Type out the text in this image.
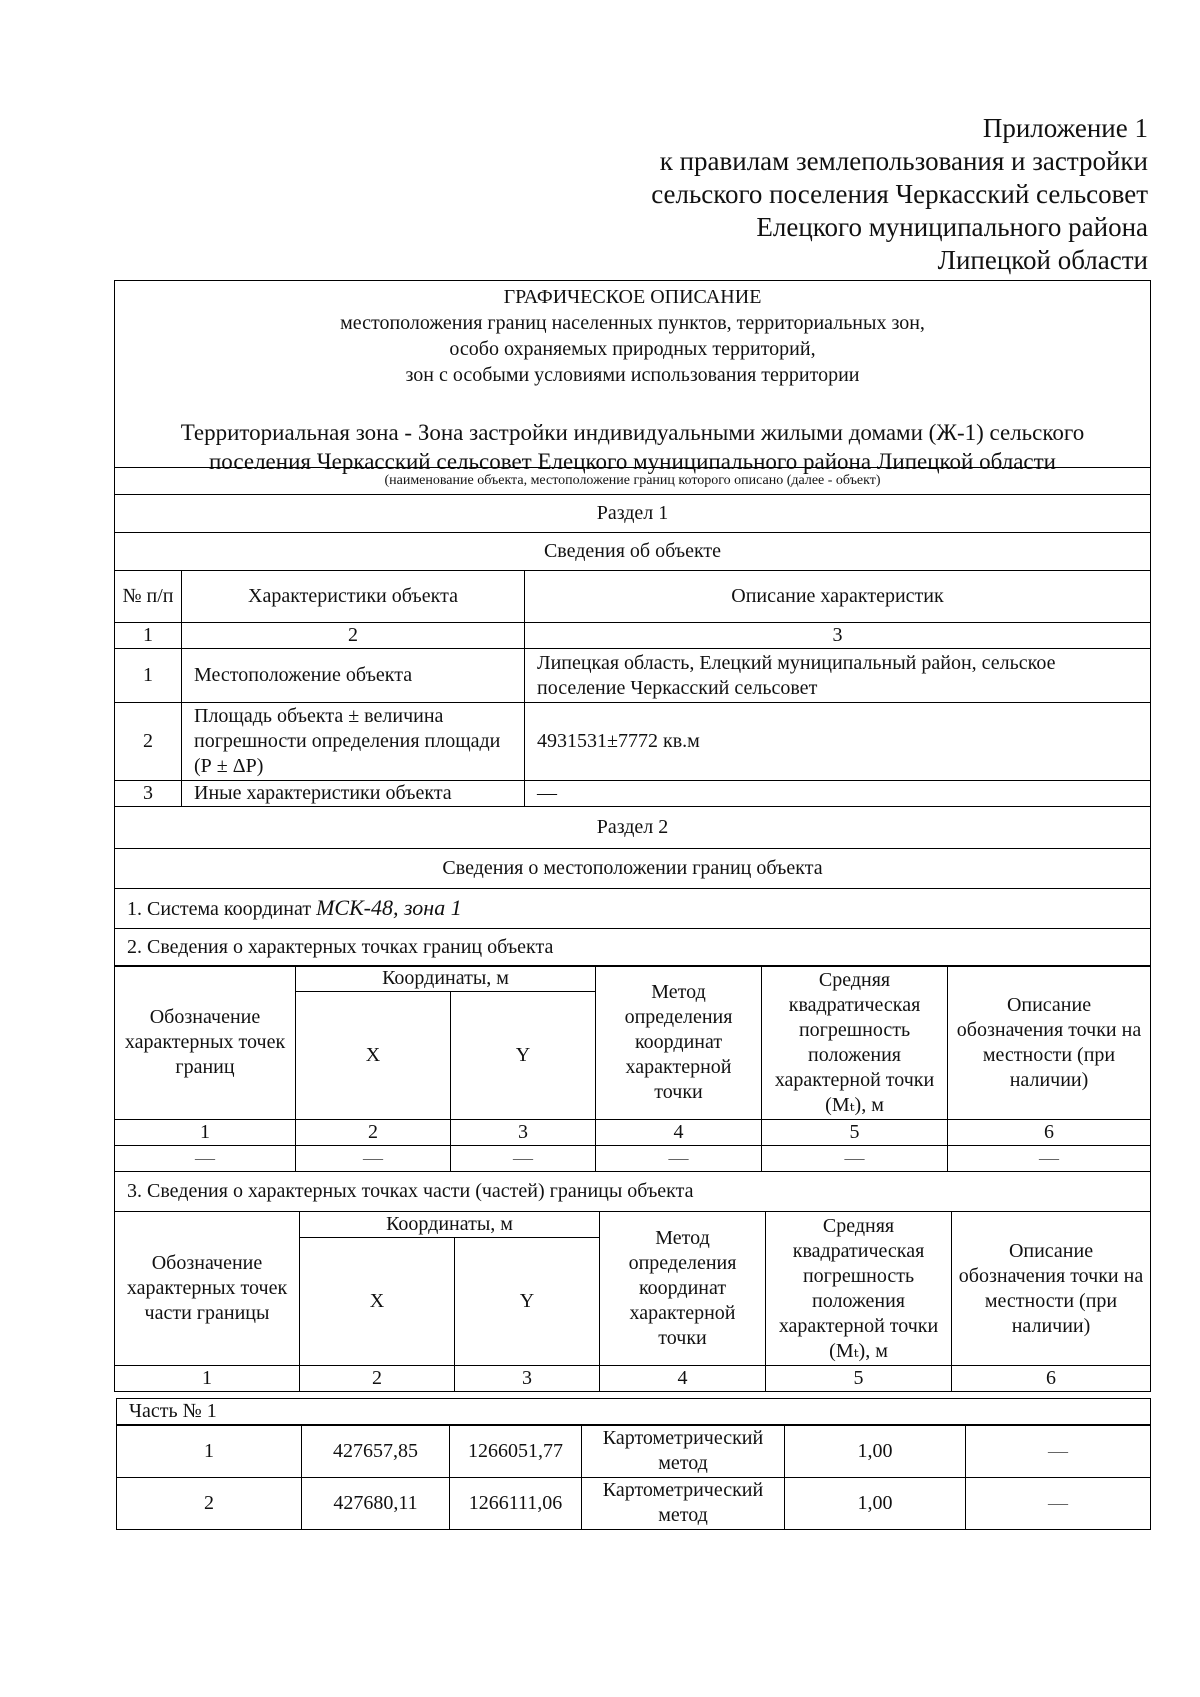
Приложение 1
к правилам землепользования и застройки
сельского поселения Черкасский сельсовет
Елецкого муниципального района
Липецкой области
ГРАФИЧЕСКОЕ ОПИСАНИЕ
местоположения границ населенных пунктов, территориальных зон,
особо охраняемых природных территорий,
зон с особыми условиями использования территории
Территориальная зона - Зона застройки индивидуальными жилыми домами (Ж-1) сельского
поселения Черкасский сельсовет Елецкого муниципального района Липецкой области
(наименование объекта, местоположение границ которого описано (далее - объект)		
Раздел 1		
Сведения об объекте		
№ п/п	Характеристики объекта	Описание характеристик
1	2	3
1	Местоположение объекта	Липецкая область, Елецкий муниципальный район, сельское поселение Черкасский сельсовет
2	Площадь объекта ± величина погрешности определения площади (Р ± ΔР)	4931531±7772 кв.м
3	Иные характеристики объекта	—
Раздел 2		
Сведения о местоположении границ объекта		
1. Система координат МСК-48, зона 1		
2. Сведения о характерных точках границ объекта		
Обозначение характерных точек границ	Координаты, м		Метод определения координат характерной точки	Средняя квадратическая погрешность положения характерной точки (Mₜ), м	Описание обозначения точки на местности (при наличии)
	X	Y			
1	2	3	4	5	6
—	—	—	—	—	—
3. Сведения о характерных точках части (частей) границы объекта					
Обозначение характерных точек части границы	Координаты, м		Метод определения координат характерной точки	Средняя квадратическая погрешность положения характерной точки (Mₜ), м	Описание обозначения точки на местности (при наличии)
	X	Y			
1	2	3	4	5	6
Часть № 1					
1	427657,85	1266051,77	Картометрический метод	1,00	—
2	427680,11	1266111,06	Картометрический метод	1,00	—
